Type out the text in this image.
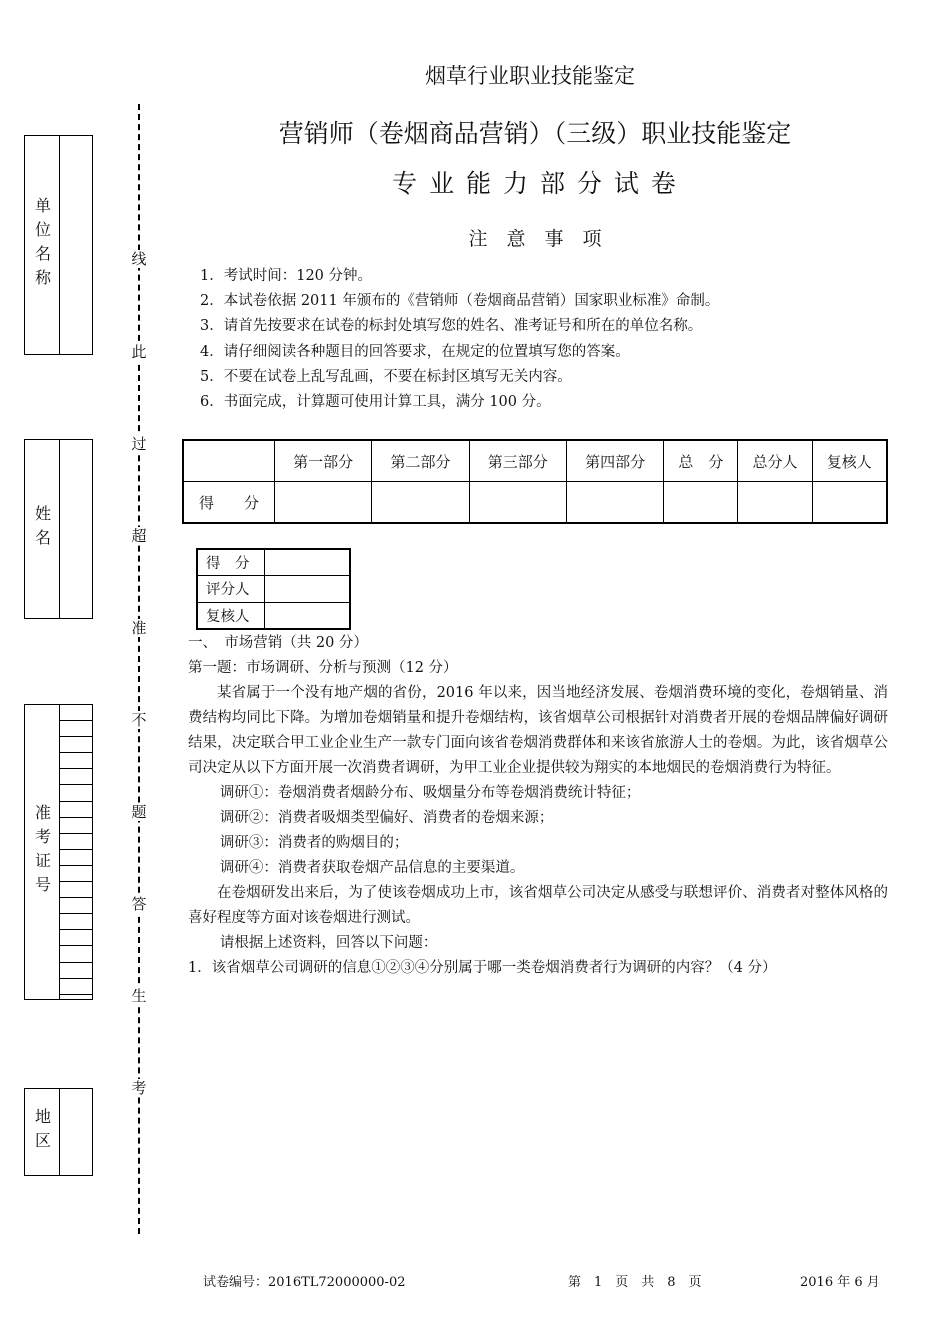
单位名称
姓名
准考证号
地区
线
此
过
超
准
不
题
答
生
考
烟草行业职业技能鉴定
营销师（卷烟商品营销）（三级）职业技能鉴定
专 业 能 力 部 分 试 卷
注　意　事　项
1．考试时间：120 分钟。
2．本试卷依据 2011 年颁布的《营销师（卷烟商品营销）国家职业标准》命制。
3．请首先按要求在试卷的标封处填写您的姓名、准考证号和所在的单位名称。
4．请仔细阅读各种题目的回答要求，在规定的位置填写您的答案。
5．不要在试卷上乱写乱画，不要在标封区填写无关内容。
6．书面完成，计算题可使用计算工具，满分 100 分。
	第一部分	第二部分	第三部分	第四部分	总　分	总分人	复核人
得　　分							
得　分	
评分人	
复核人	

一、　市场营销（共 20 分）

第一题：市场调研、分析与预测（12 分）

某省属于一个没有地产烟的省份，2016 年以来，因当地经济发展、卷烟消费环境的变化，卷烟销量、消费结构均同比下降。为增加卷烟销量和提升卷烟结构，该省烟草公司根据针对消费者开展的卷烟品牌偏好调研结果，决定联合甲工业企业生产一款专门面向该省卷烟消费群体和来该省旅游人士的卷烟。为此，该省烟草公司决定从以下方面开展一次消费者调研，为甲工业企业提供较为翔实的本地烟民的卷烟消费行为特征。

调研①：卷烟消费者烟龄分布、吸烟量分布等卷烟消费统计特征；

调研②：消费者吸烟类型偏好、消费者的卷烟来源；

调研③：消费者的购烟目的；

调研④：消费者获取卷烟产品信息的主要渠道。

在卷烟研发出来后，为了使该卷烟成功上市，该省烟草公司决定从感受与联想评价、消费者对整体风格的喜好程度等方面对该卷烟进行测试。

请根据上述资料，回答以下问题：

1．该省烟草公司调研的信息①②③④分别属于哪一类卷烟消费者行为调研的内容？（4 分）

试卷编号：2016TL72000000-02	第　1　页　共　8　页	2016 年 6 月
